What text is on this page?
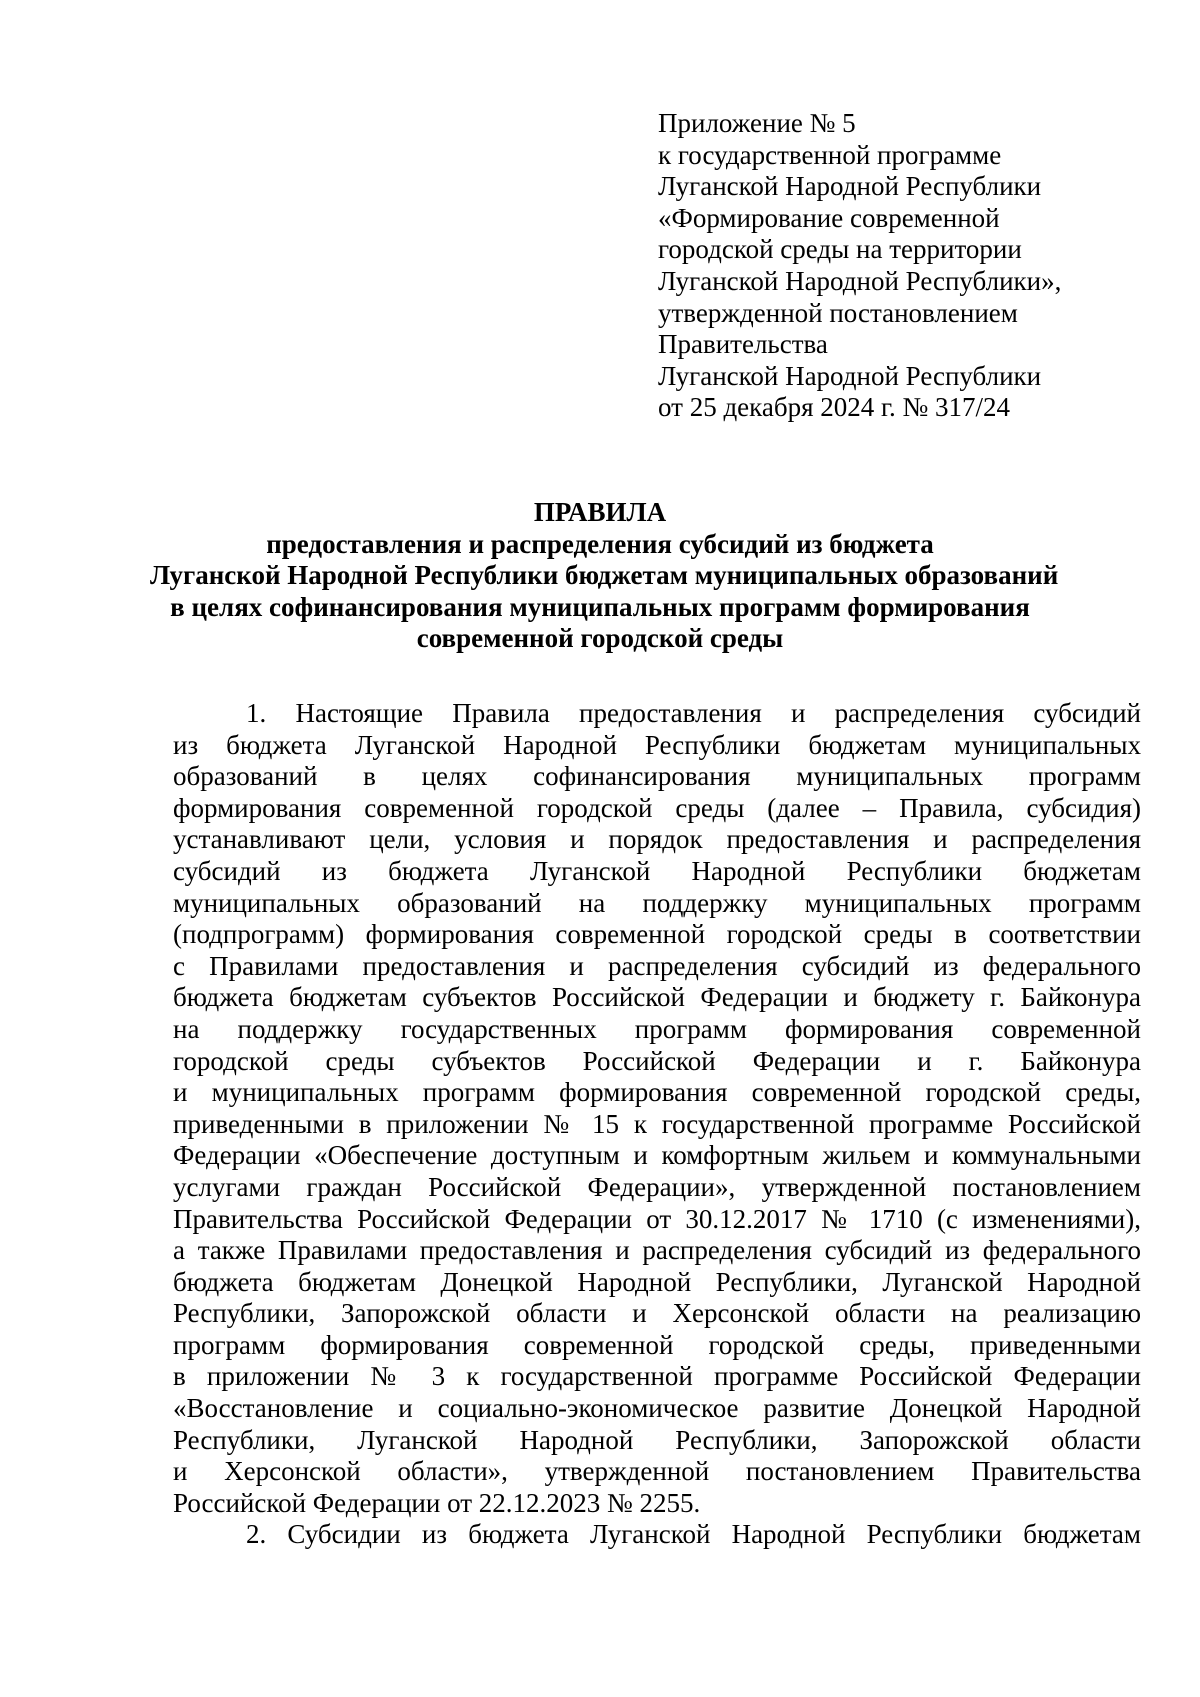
Приложение № 5
к государственной программе
Луганской Народной Республики
«Формирование современной
городской среды на территории
Луганской Народной Республики»,
утвержденной постановлением
Правительства
Луганской Народной Республики
от 25 декабря 2024 г. № 317/24
ПРАВИЛА
предоставления и распределения субсидий из бюджета
Луганской Народной Республики бюджетам муниципальных образований
в целях софинансирования муниципальных программ формирования
современной городской среды
1. Настоящие Правила предоставления и распределения субсидий
из бюджета Луганской Народной Республики бюджетам муниципальных
образований в целях софинансирования муниципальных программ
формирования современной городской среды (далее – Правила, субсидия)
устанавливают цели, условия и порядок предоставления и распределения
субсидий из бюджета Луганской Народной Республики бюджетам
муниципальных образований на поддержку муниципальных программ
(подпрограмм) формирования современной городской среды в соответствии
с Правилами предоставления и распределения субсидий из федерального
бюджета бюджетам субъектов Российской Федерации и бюджету г. Байконура
на поддержку государственных программ формирования современной
городской среды субъектов Российской Федерации и г. Байконура
и муниципальных программ формирования современной городской среды,
приведенными в приложении № 15 к государственной программе Российской
Федерации «Обеспечение доступным и комфортным жильем и коммунальными
услугами граждан Российской Федерации», утвержденной постановлением
Правительства Российской Федерации от 30.12.2017 № 1710 (с изменениями),
а также Правилами предоставления и распределения субсидий из федерального
бюджета бюджетам Донецкой Народной Республики, Луганской Народной
Республики, Запорожской области и Херсонской области на реализацию
программ формирования современной городской среды, приведенными
в приложении № 3 к государственной программе Российской Федерации
«Восстановление и социально-экономическое развитие Донецкой Народной
Республики, Луганской Народной Республики, Запорожской области
и Херсонской области», утвержденной постановлением Правительства
Российской Федерации от 22.12.2023 № 2255.
2. Субсидии из бюджета Луганской Народной Республики бюджетам
